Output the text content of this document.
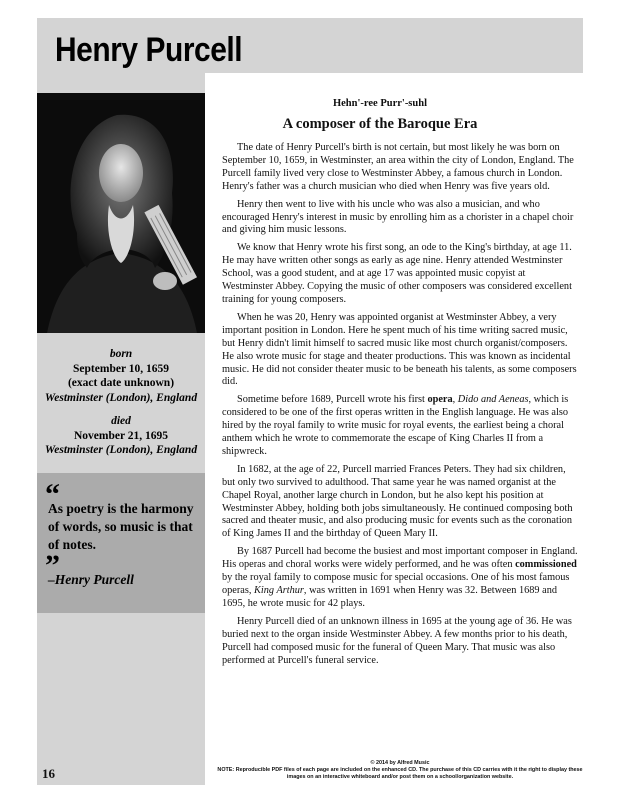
Henry Purcell
born
September 10, 1659
(exact date unknown)
Westminster (London), England
died
November 21, 1695
Westminster (London), England
“
As poetry is the harmony of words, so music is that of notes.
”
–Henry Purcell
Hehn'-ree Purr'-suhl
A composer of the Baroque Era

The date of Henry Purcell's birth is not certain, but most likely he was born on September 10, 1659, in Westminster, an area within the city of London, England. The Purcell family lived very close to Westminster Abbey, a famous church in London. Henry's father was a church musician who died when Henry was five years old.

Henry then went to live with his uncle who was also a musician, and who encouraged Henry's interest in music by enrolling him as a chorister in a chapel choir and giving him music lessons.

We know that Henry wrote his first song, an ode to the King's birthday, at age 11. He may have written other songs as early as age nine. Henry attended Westminster School, was a good student, and at age 17 was appointed music copyist at Westminster Abbey. Copying the music of other composers was considered excellent training for young composers.

When he was 20, Henry was appointed organist at Westminster Abbey, a very important position in London. Here he spent much of his time writing sacred music, but Henry didn't limit himself to sacred music like most church organist/composers. He also wrote music for stage and theater productions. This was known as incidental music. He did not consider theater music to be beneath his talents, as some composers did.

Sometime before 1689, Purcell wrote his first opera, Dido and Aeneas, which is considered to be one of the first operas written in the English language. He was also hired by the royal family to write music for royal events, the earliest being a choral anthem which he wrote to commemorate the escape of King Charles II from a shipwreck.

In 1682, at the age of 22, Purcell married Frances Peters. They had six children, but only two survived to adulthood. That same year he was named organist at the Chapel Royal, another large church in London, but he also kept his position at Westminster Abbey, holding both jobs simultaneously. He continued composing both sacred and theater music, and also producing music for events such as the coronation of King James II and the birthday of Queen Mary II.

By 1687 Purcell had become the busiest and most important composer in England. His operas and choral works were widely performed, and he was often commissioned by the royal family to compose music for special occasions. One of his most famous operas, King Arthur, was written in 1691 when Henry was 32. Between 1689 and 1695, he wrote music for 42 plays.

Henry Purcell died of an unknown illness in 1695 at the young age of 36. He was buried next to the organ inside Westminster Abbey. A few months prior to his death, Purcell had composed music for the funeral of Queen Mary. That music was also performed at Purcell's funeral service.

16
© 2014 by Alfred Music
NOTE: Reproducible PDF files of each page are included on the enhanced CD. The purchase of this CD carries with it the right to display these images on an interactive whiteboard and/or post them on a school/organization website.
